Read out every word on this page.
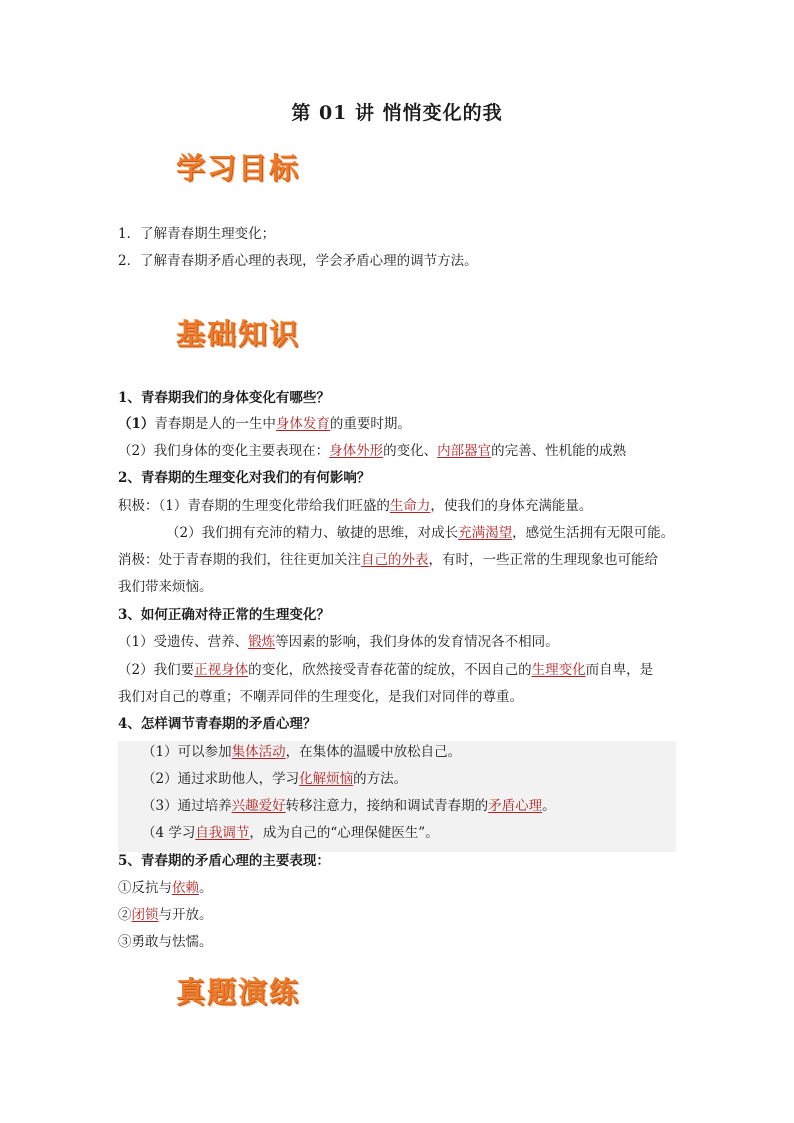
第 01 讲 悄悄变化的我
学习目标
1．了解青春期生理变化；
2．了解青春期矛盾心理的表现，学会矛盾心理的调节方法。
基础知识
1、青春期我们的身体变化有哪些？
（1）青春期是人的一生中身体发育的重要时期。
（2）我们身体的变化主要表现在：身体外形的变化、内部器官的完善、性机能的成熟
2、青春期的生理变化对我们的有何影响？
积极：（1）青春期的生理变化带给我们旺盛的生命力，使我们的身体充满能量。
（2）我们拥有充沛的精力、敏捷的思维，对成长充满渴望，感觉生活拥有无限可能。
消极：处于青春期的我们，往往更加关注自己的外表，有时，一些正常的生理现象也可能给
我们带来烦恼。
3、如何正确对待正常的生理变化？
（1）受遗传、营养、锻炼等因素的影响，我们身体的发育情况各不相同。
（2）我们要正视身体的变化，欣然接受青春花蕾的绽放，不因自己的生理变化而自卑，是
我们对自己的尊重；不嘲弄同伴的生理变化，是我们对同伴的尊重。
4、怎样调节青春期的矛盾心理？
（1）可以参加集体活动，在集体的温暖中放松自己。
（2）通过求助他人，学习化解烦恼的方法。
（3）通过培养兴趣爱好转移注意力，接纳和调试青春期的矛盾心理。
（4 学习自我调节，成为自己的“心理保健医生”。
5、青春期的矛盾心理的主要表现：
①反抗与依赖。
②闭锁与开放。
③勇敢与怯懦。
真题演练
